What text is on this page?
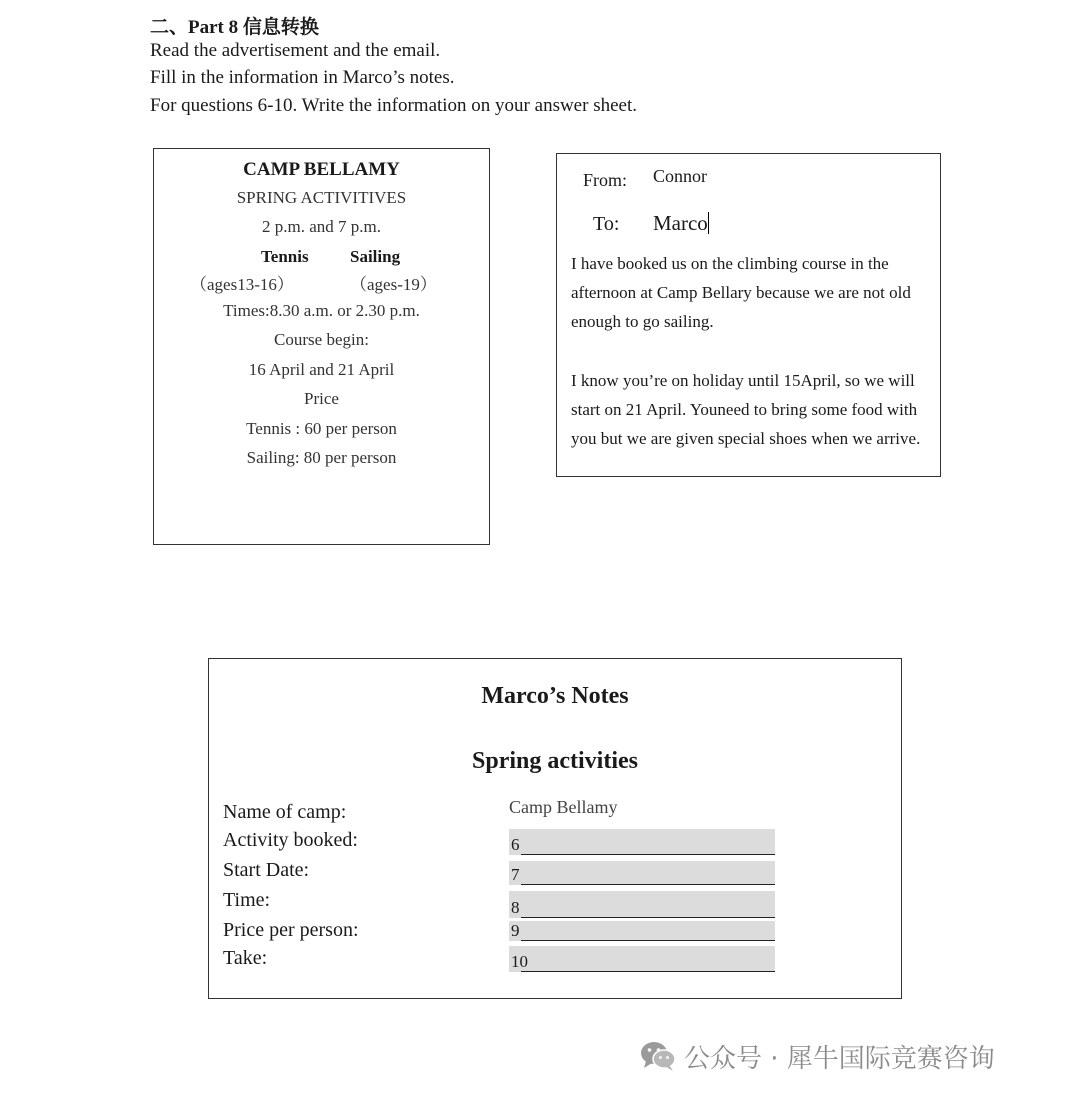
二、Part 8 信息转换
Read the advertisement and the email.
Fill in the information in Marco’s notes.
For questions 6-10. Write the information on your answer sheet.
CAMP BELLAMY
SPRING ACTIVITIVES
2 p.m. and 7 p.m.
Tennis Sailing
（ages13-16）	（ages-19）
Times:8.30 a.m. or 2.30 p.m.
Course begin:
16 April and 21 April
Price
Tennis : 60 per person
Sailing: 80 per person
From: Connor
To: Marco
I have booked us on the climbing course in the afternoon at Camp Bellary because we are not old enough to go sailing.
I know you’re on holiday until 15April, so we will start on 21 April. Youneed to bring some food with you but we are given special shoes when we arrive.
Marco’s Notes
Spring activities
Name of camp:	Camp Bellamy
Activity booked:	6
Start Date:	7
Time:	8
Price per person:	9
Take:	10
公众号 · 犀牛国际竞赛咨询
